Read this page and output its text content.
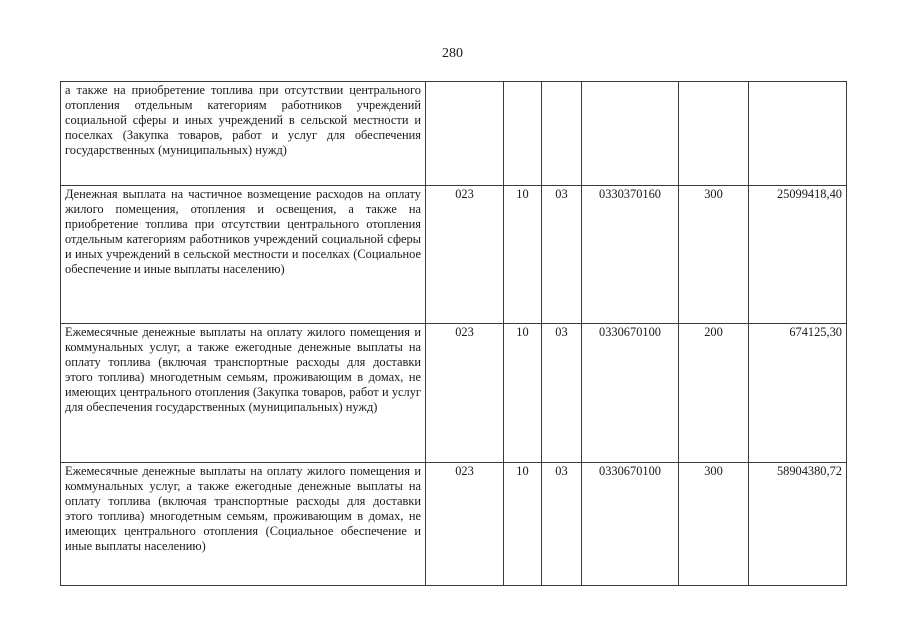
280
а также на приобретение топлива при отсутствии центрального отопления отдельным категориям работников учреждений социальной сферы и иных учреждений в сельской местности и поселках (Закупка товаров, работ и услуг для обеспечения государственных (муниципальных) нужд)						
Денежная выплата на частичное возмещение расходов на оплату жилого помещения, отопления и освещения, а также на приобретение топлива при отсутствии центрального отопления отдельным категориям работников учреждений социальной сферы и иных учреждений в сельской местности и поселках (Социальное обеспечение и иные выплаты населению)	023	10	03	0330370160	300	25099418,40
Ежемесячные денежные выплаты на оплату жилого помещения и коммунальных услуг, а также ежегодные денежные выплаты на оплату топлива (включая транспортные расходы для доставки этого топлива) многодетным семьям, проживающим в домах, не имеющих центрального отопления (Закупка товаров, работ и услуг для обеспечения государственных (муниципальных) нужд)	023	10	03	0330670100	200	674125,30
Ежемесячные денежные выплаты на оплату жилого помещения и коммунальных услуг, а также ежегодные денежные выплаты на оплату топлива (включая транспортные расходы для доставки этого топлива) многодетным семьям, проживающим в домах, не имеющих центрального отопления (Социальное обеспечение и иные выплаты населению)	023	10	03	0330670100	300	58904380,72
